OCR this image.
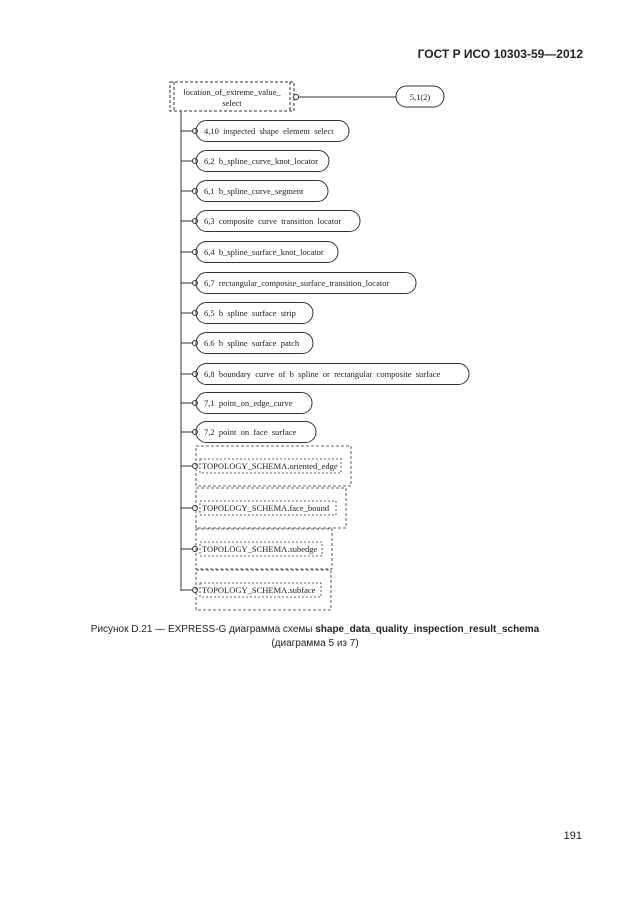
ГОСТ Р ИСО 10303-59—2012
4,10  inspected  shape  element  select
6,2  b_spline_curve_knot_locator
6,1  b_spline_curve_segment
6,3  composite  curve  transition  locator
6,4  b_spline_surface_knot_locator
6,7  rectangular_composite_surface_transition_locator
6,5  b  spline  surface  strip
6.6  b  spline  surface  patch
6,8  boundary  curve  of  b  spline  or  rectangular  composite  surface
7,1  point_on_edge_curve
7,2  point  on  face  surface
TOPOLOGY_SCHEMA.oriented_edge
TOPOLOGY_SCHEMA.face_bound
TOPOLOGY_SCHEMA.subedge
TOPOLOGY_SCHEMA.subface
location_of_extreme_value_
select
5,1(2)
Рисунок D.21 — EXPRESS-G диаграмма схемы shape_data_quality_inspection_result_schema
(диаграмма 5 из 7)
191
